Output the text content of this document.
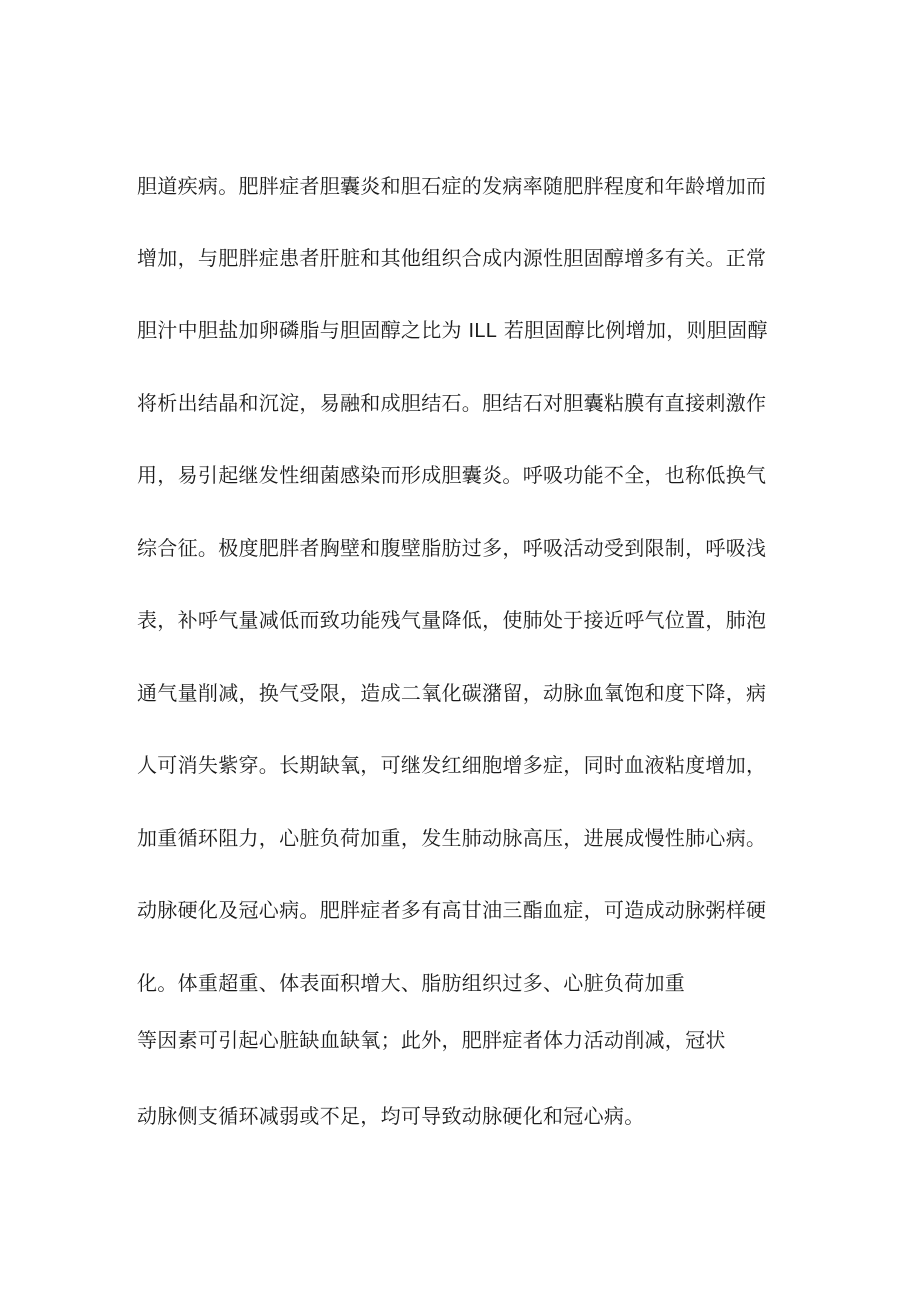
胆道疾病。肥胖症者胆囊炎和胆石症的发病率随肥胖程度和年龄增加而
增加，与肥胖症患者肝脏和其他组织合成内源性胆固醇增多有关。正常
胆汁中胆盐加卵磷脂与胆固醇之比为 ILL 若胆固醇比例增加，则胆固醇
将析出结晶和沉淀，易融和成胆结石。胆结石对胆囊粘膜有直接刺激作
用，易引起继发性细菌感染而形成胆囊炎。呼吸功能不全，也称低换气
综合征。极度肥胖者胸壁和腹壁脂肪过多，呼吸活动受到限制，呼吸浅
表，补呼气量减低而致功能残气量降低，使肺处于接近呼气位置，肺泡
通气量削减，换气受限，造成二氧化碳潴留，动脉血氧饱和度下降，病
人可消失紫穿。长期缺氧，可继发红细胞增多症，同时血液粘度增加，
加重循环阻力，心脏负荷加重，发生肺动脉高压，进展成慢性肺心病。
动脉硬化及冠心病。肥胖症者多有高甘油三酯血症，可造成动脉粥样硬
化。体重超重、体表面积增大、脂肪组织过多、心脏负荷加重
等因素可引起心脏缺血缺氧；此外，肥胖症者体力活动削减，冠状
动脉侧支循环减弱或不足，均可导致动脉硬化和冠心病。
